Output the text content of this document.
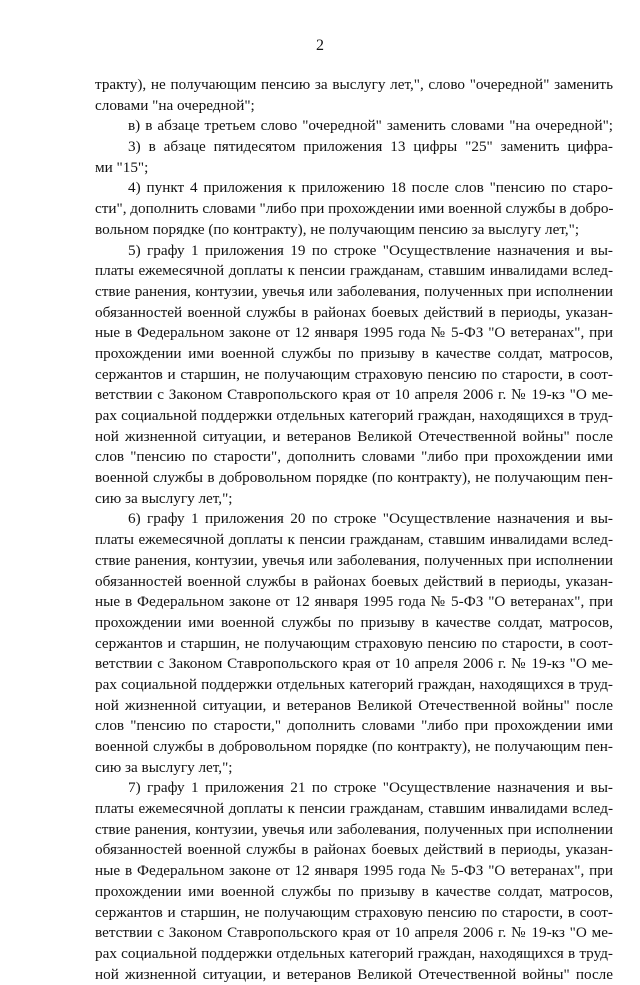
2
тракту), не получающим пенсию за выслугу лет,", слово "очередной" заменить
словами "на очередной";
в) в абзаце третьем слово "очередной" заменить словами "на очередной";
3) в абзаце пятидесятом приложения 13 цифры "25" заменить цифра-
ми "15";
4) пункт 4 приложения к приложению 18 после слов "пенсию по старо-
сти", дополнить словами "либо при прохождении ими военной службы в добро-
вольном порядке (по контракту), не получающим пенсию за выслугу лет,";
5) графу 1 приложения 19 по строке "Осуществление назначения и вы-
платы ежемесячной доплаты к пенсии гражданам, ставшим инвалидами вслед-
ствие ранения, контузии, увечья или заболевания, полученных при исполнении
обязанностей военной службы в районах боевых действий в периоды, указан-
ные в Федеральном законе от 12 января 1995 года № 5-ФЗ "О ветеранах", при
прохождении ими военной службы по призыву в качестве солдат, матросов,
сержантов и старшин, не получающим страховую пенсию по старости, в соот-
ветствии с Законом Ставропольского края от 10 апреля 2006 г. № 19-кз "О ме-
рах социальной поддержки отдельных категорий граждан, находящихся в труд-
ной жизненной ситуации, и ветеранов Великой Отечественной войны" после
слов "пенсию по старости", дополнить словами "либо при прохождении ими
военной службы в добровольном порядке (по контракту), не получающим пен-
сию за выслугу лет,";
6) графу 1 приложения 20 по строке "Осуществление назначения и вы-
платы ежемесячной доплаты к пенсии гражданам, ставшим инвалидами вслед-
ствие ранения, контузии, увечья или заболевания, полученных при исполнении
обязанностей военной службы в районах боевых действий в периоды, указан-
ные в Федеральном законе от 12 января 1995 года № 5-ФЗ "О ветеранах", при
прохождении ими военной службы по призыву в качестве солдат, матросов,
сержантов и старшин, не получающим страховую пенсию по старости, в соот-
ветствии с Законом Ставропольского края от 10 апреля 2006 г. № 19-кз "О ме-
рах социальной поддержки отдельных категорий граждан, находящихся в труд-
ной жизненной ситуации, и ветеранов Великой Отечественной войны" после
слов "пенсию по старости," дополнить словами "либо при прохождении ими
военной службы в добровольном порядке (по контракту), не получающим пен-
сию за выслугу лет,";
7) графу 1 приложения 21 по строке "Осуществление назначения и вы-
платы ежемесячной доплаты к пенсии гражданам, ставшим инвалидами вслед-
ствие ранения, контузии, увечья или заболевания, полученных при исполнении
обязанностей военной службы в районах боевых действий в периоды, указан-
ные в Федеральном законе от 12 января 1995 года № 5-ФЗ "О ветеранах", при
прохождении ими военной службы по призыву в качестве солдат, матросов,
сержантов и старшин, не получающим страховую пенсию по старости, в соот-
ветствии с Законом Ставропольского края от 10 апреля 2006 г. № 19-кз "О ме-
рах социальной поддержки отдельных категорий граждан, находящихся в труд-
ной жизненной ситуации, и ветеранов Великой Отечественной войны" после
